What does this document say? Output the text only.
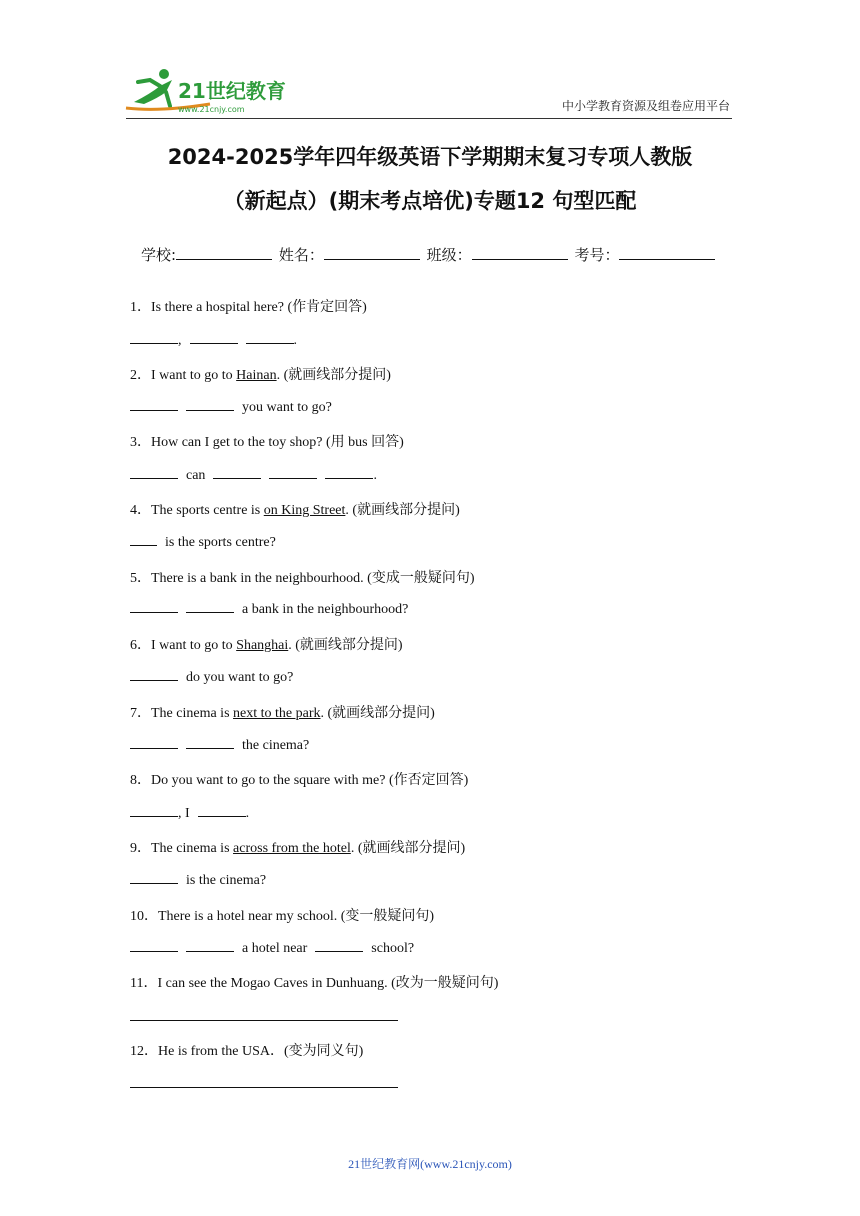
21世纪教育
www.21cnjy.com	中小学教育资源及组卷应用平台
2024-2025学年四年级英语下学期期末复习专项人教版
（新起点）(期末考点培优)专题12 句型匹配
学校:	姓名：	班级：	考号：
1．Is there a hospital here? (作肯定回答)
,	.
2．I want to go to Hainan. (就画线部分提问)
you want to go?
3．How can I get to the toy shop? (用 bus 回答)
can	.
4．The sports centre is on King Street. (就画线部分提问)
is the sports centre?
5．There is a bank in the neighbourhood. (变成一般疑问句)
a bank in the neighbourhood?
6．I want to go to Shanghai. (就画线部分提问)
do you want to go?
7．The cinema is next to the park. (就画线部分提问)
the cinema?
8．Do you want to go to the square with me? (作否定回答)
, I	.
9．The cinema is across from the hotel. (就画线部分提问)
is the cinema?
10．There is a hotel near my school. (变一般疑问句)
a hotel near	school?
11．I can see the Mogao Caves in Dunhuang. (改为一般疑问句)
12．He is from the USA．(变为同义句)
21世纪教育网(www.21cnjy.com)
